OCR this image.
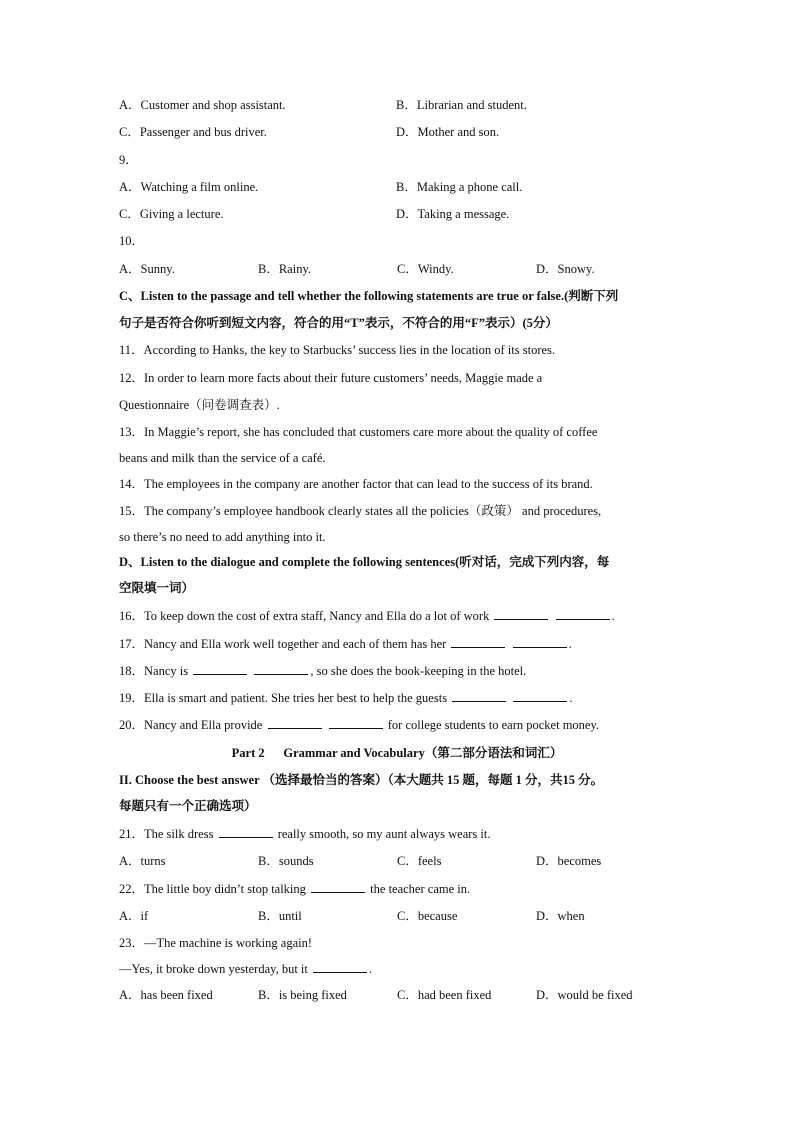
A．Customer and shop assistant.	B．Librarian and student.
C．Passenger and bus driver.	D．Mother and son.
9．
A．Watching a film online.	B．Making a phone call.
C．Giving a lecture.	D．Taking a message.
10．
A．Sunny.	B．Rainy.	C．Windy.	D．Snowy.
C、Listen to the passage and tell whether the following statements are true or false.(判断下列
句子是否符合你听到短文内容，符合的用“T”表示，不符合的用“F”表示）(5分）
11．According to Hanks, the key to Starbucks’ success lies in the location of its stores.
12．In order to learn more facts about their future customers’ needs, Maggie made a
Questionnaire（问卷调查表）.
13．In Maggie’s report, she has concluded that customers care more about the quality of coffee
beans and milk than the service of a café.
14．The employees in the company are another factor that can lead to the success of its brand.
15．The company’s employee handbook clearly states all the policies（政策） and procedures,
so there’s no need to add anything into it.
D、Listen to the dialogue and complete the following sentences(听对话，完成下列内容，每
空限填一词）
16．To keep down the cost of extra staff, Nancy and Ella do a lot of work	.
17．Nancy and Ella work well together and each of them has her	.
18．Nancy is	, so she does the book-keeping in the hotel.
19．Ella is smart and patient. She tries her best to help the guests	.
20．Nancy and Ella provide	for college students to earn pocket money.
Part 2      Grammar and Vocabulary（第二部分语法和词汇）
II. Choose the best answer （选择最恰当的答案）（本大题共 15 题，每题 1 分，共15 分。
每题只有一个正确选项）
21．The silk dress	really smooth, so my aunt always wears it.
A．turns	B．sounds	C．feels	D．becomes
22．The little boy didn’t stop talking	the teacher came in.
A．if	B．until	C．because	D．when
23．—The machine is working again!
—Yes, it broke down yesterday, but it	.
A．has been fixed	B．is being fixed	C．had been fixed	D．would be fixed
